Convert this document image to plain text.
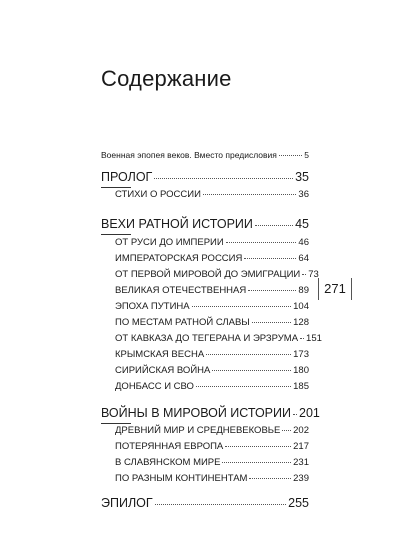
Содержание
271
Военная эпопея веков. Вместо предисловия	5
ПРОЛОГ	35
СТИХИ О РОССИИ	36
ВЕХИ РАТНОЙ ИСТОРИИ	45
ОТ РУСИ ДО ИМПЕРИИ	46
ИМПЕРАТОРСКАЯ РОССИЯ	64
ОТ ПЕРВОЙ МИРОВОЙ ДО ЭМИГРАЦИИ 73
ВЕЛИКАЯ ОТЕЧЕСТВЕННАЯ	89
ЭПОХА ПУТИНА	104
ПО МЕСТАМ РАТНОЙ СЛАВЫ	128
ОТ КАВКАЗА ДО ТЕГЕРАНА И ЭРЗРУМА 151
КРЫМСКАЯ ВЕСНА	173
СИРИЙСКАЯ ВОЙНА	180
ДОНБАСС И СВО	185
ВОЙНЫ В МИРОВОЙ ИСТОРИИ 201
ДРЕВНИЙ МИР И СРЕДНЕВЕКОВЬЕ 202
ПОТЕРЯННАЯ ЕВРОПА	217
В СЛАВЯНСКОМ МИРЕ	231
ПО РАЗНЫМ КОНТИНЕНТАМ	239
ЭПИЛОГ	255
